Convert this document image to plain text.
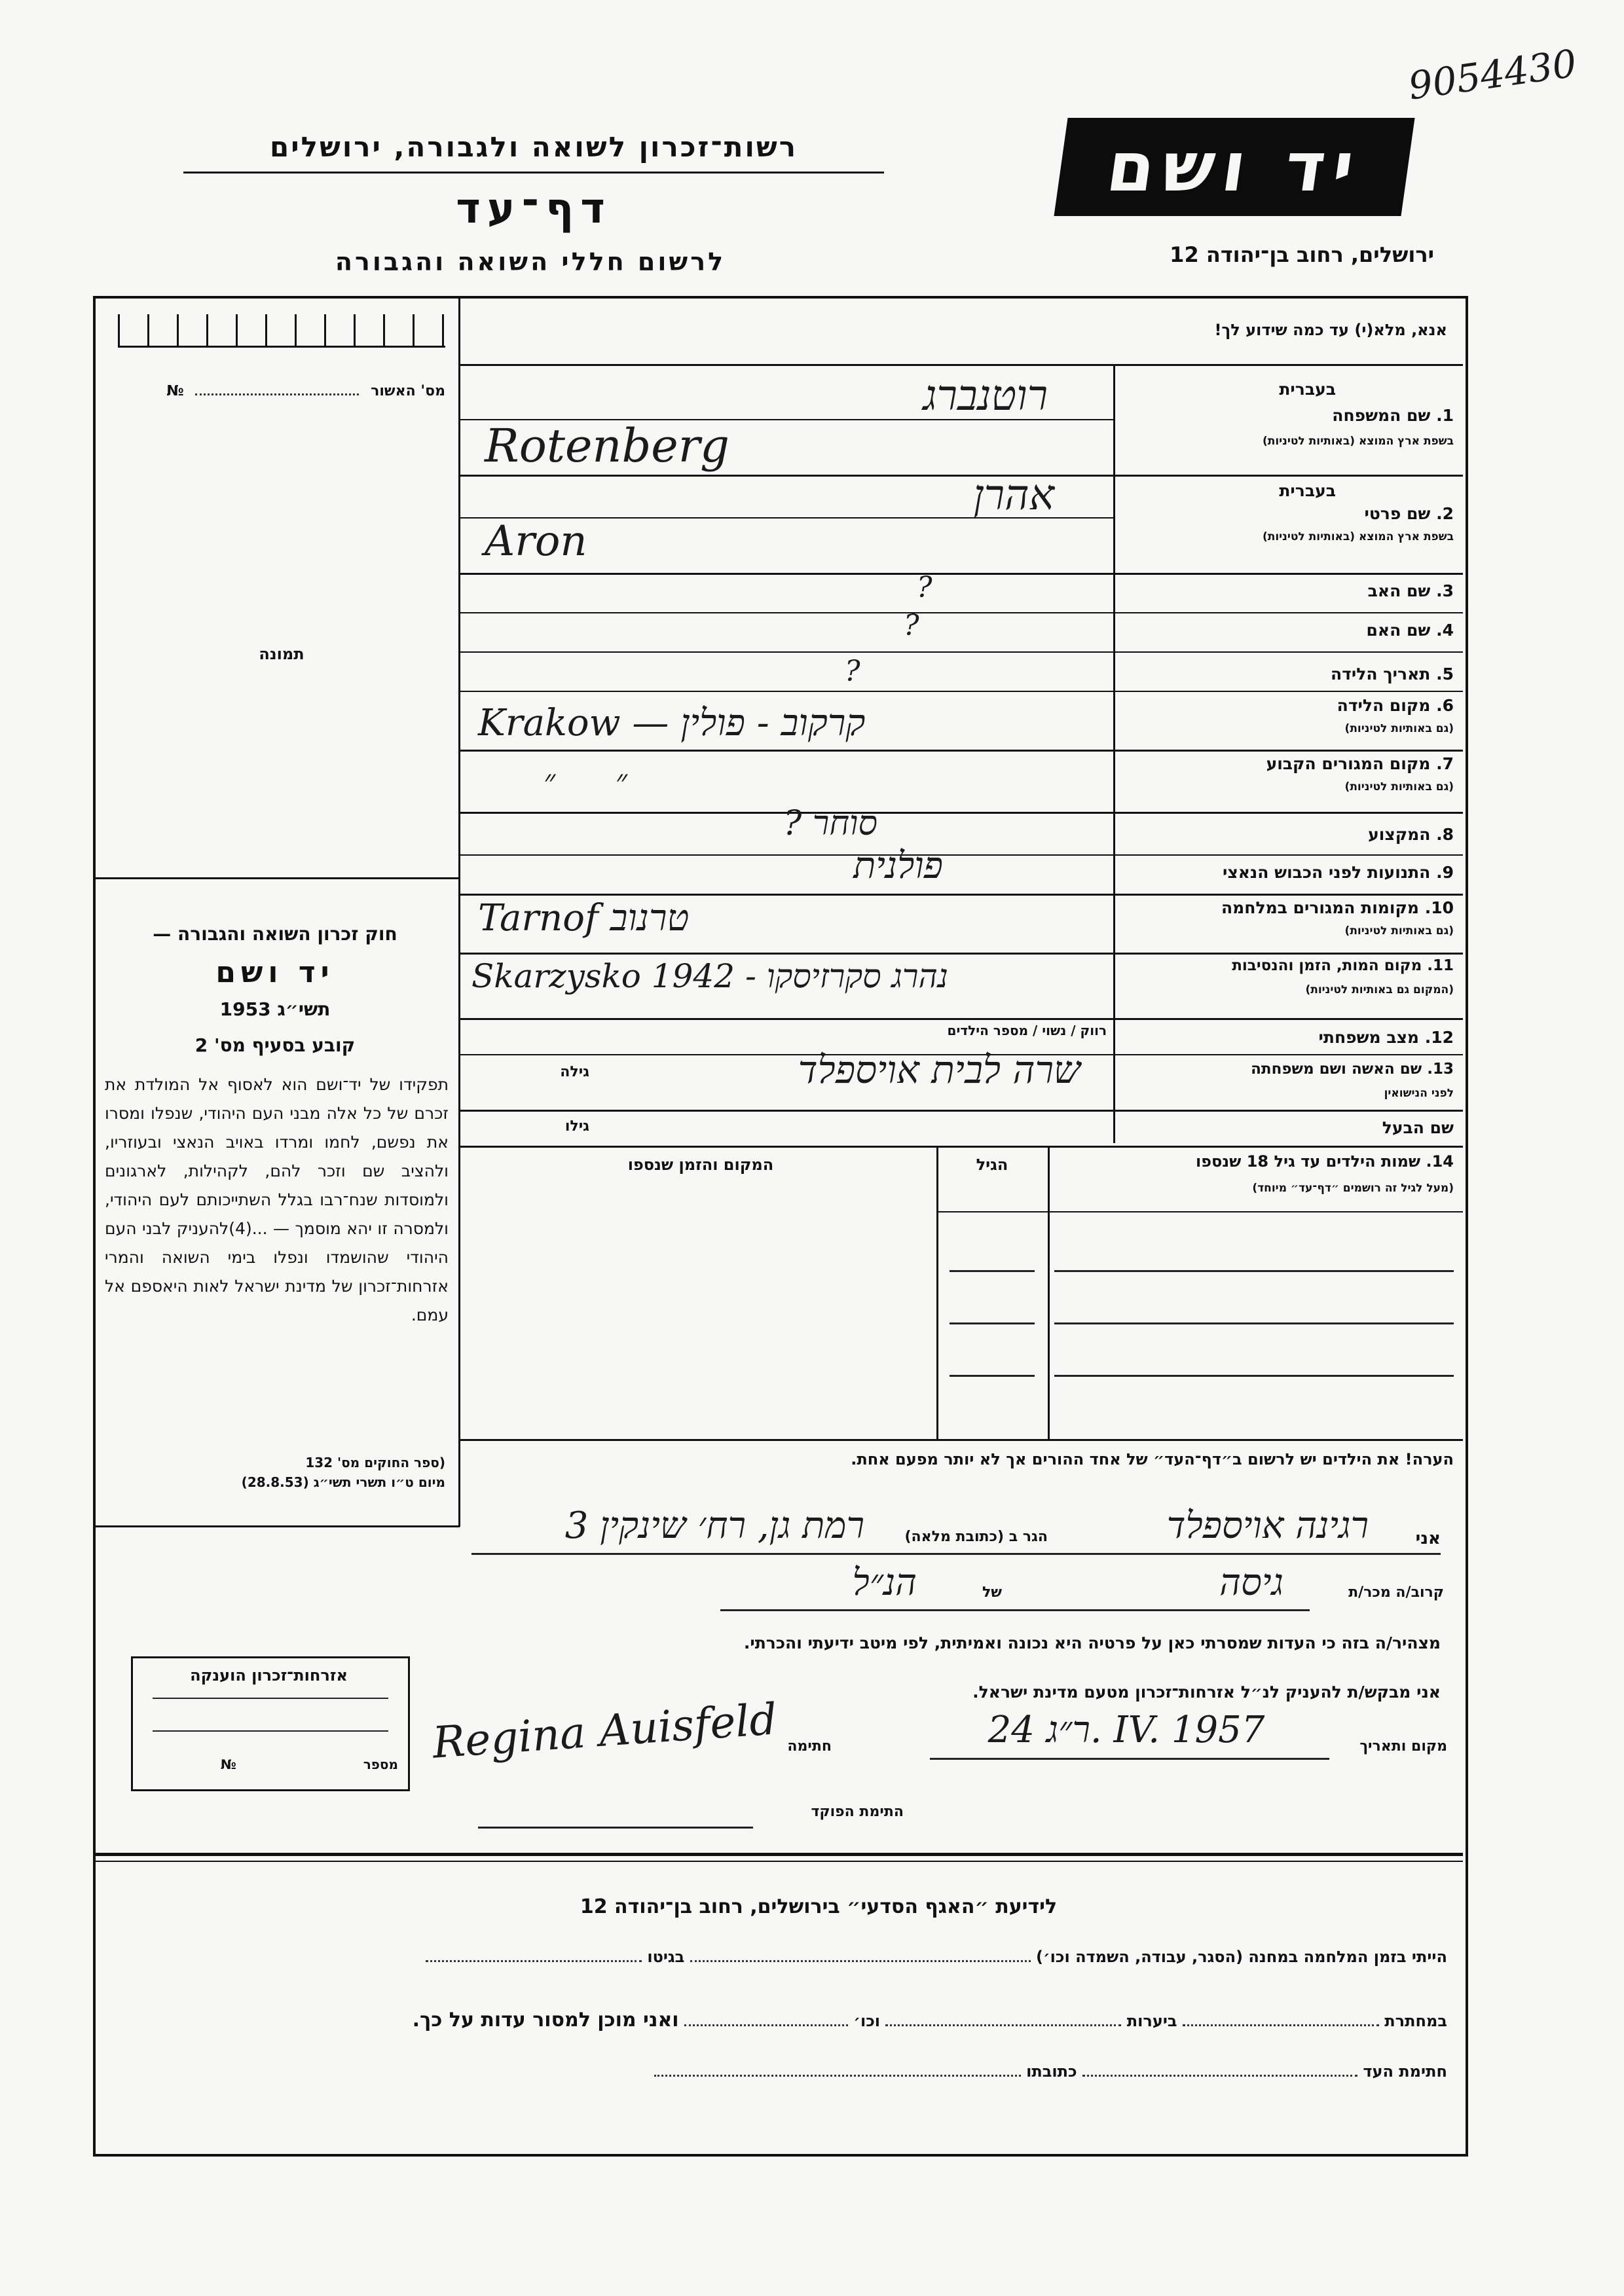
9054430
רשות־זכרון לשואה ולגבורה, ירושלים
דף־עד
לרשום חללי השואה והגבורה
יד ושם
ירושלים, רחוב בן־יהודה 12
אנא, מלא(י) עד כמה שידוע לך!
מס' האשור  №
תמונה
חוק זכרון השואה והגבורה —
יד ושם
תשי״ג 1953
קובע בסעיף מס' 2
תפקידו של יד־ושם הוא לאסוף אל המולדת את זכרם של כל אלה מבני העם היהודי, שנפלו ומסרו את נפשם, לחמו ומרדו באויב הנאצי ובעוזריו, ולהציב שם וזכר להם, לקהילות, לארגונים ולמוסדות שנח־רבו בגלל השתייכותם לעם היהודי, ולמסרה זו יהא מוסמך — ...(4)להעניק לבני העם היהודי שהושמדו ונפלו בימי השואה והמרי אזרחות־זכרון של מדינת ישראל לאות היאספם אל עמם.
(ספר החוקים מס' 132
מיום ט״ו תשרי תשי״ג (28.8.53)
1. שם המשפחה
בשפת ארץ המוצא (באותיות לטיניות)
בעברית
בעברית
2. שם פרטי
בשפת ארץ המוצא (באותיות לטיניות)
3. שם האב
4. שם האם
5. תאריך הלידה
6. מקום הלידה
(גם באותיות לטיניות)
7. מקום המגורים הקבוע
(גם באותיות לטיניות)
8. המקצוע
9. התנועות לפני הכבוש הנאצי
10. מקומות המגורים במלחמה
(גם באותיות לטיניות)
11. מקום המות, הזמן והנסיבות
(המקום גם באותיות לטיניות)
12. מצב משפחתי
רווק / נשוי / מספר הילדים
13. שם האשה ושם משפחתה
לפני הנישואין
גילה
שם הבעל
גילו
רוטנברג
Rotenberg
אהרן
Aron
?
?
?
Krakow — קרקוב - פולין
״      ״
סוחר ?
פולנית
Tarnof טרנוב
Skarzysko 1942 - נהרג סקרזיסקו
שרה לבית אויספלד
14. שמות הילדים עד גיל 18 שנספו
(מעל לגיל זה רושמים ״דף־עד״ מיוחד)
הגיל
המקום והזמן שנספו
הערה! את הילדים יש לרשום ב״דף־העד״ של אחד ההורים אך לא יותר מפעם אחת.
אני
רגינה אויספלד
הגר ב (כתובת מלאה)
רמת גן, רח׳ שינקין 3
קרוב/ה מכר/ת
גיסה
של
הנ״ל
מצהיר/ה בזה כי העדות שמסרתי כאן על פרטיה היא נכונה ואמיתית, לפי מיטב ידיעתי והכרתי.
אני מבקש/ת להעניק לנ״ל אזרחות־זכרון מטעם מדינת ישראל.
מקום ותאריך
ר״ג 24. IV. 1957
חתימה
Regina Auisfeld
התימת הפוקד
אזרחות־זכרון הוענקה
מספר  №
לידיעת ״האגף הסדעי״ בירושלים, רחוב בן־יהודה 12
הייתי בזמן המלחמה במחנה (הסגר, עבודה, השמדה וכו׳)  בגיטו
במחתרת  ביערות  וכו׳  ואני מוכן למסור עדות על כך.
חתימת העד  כתובתו
